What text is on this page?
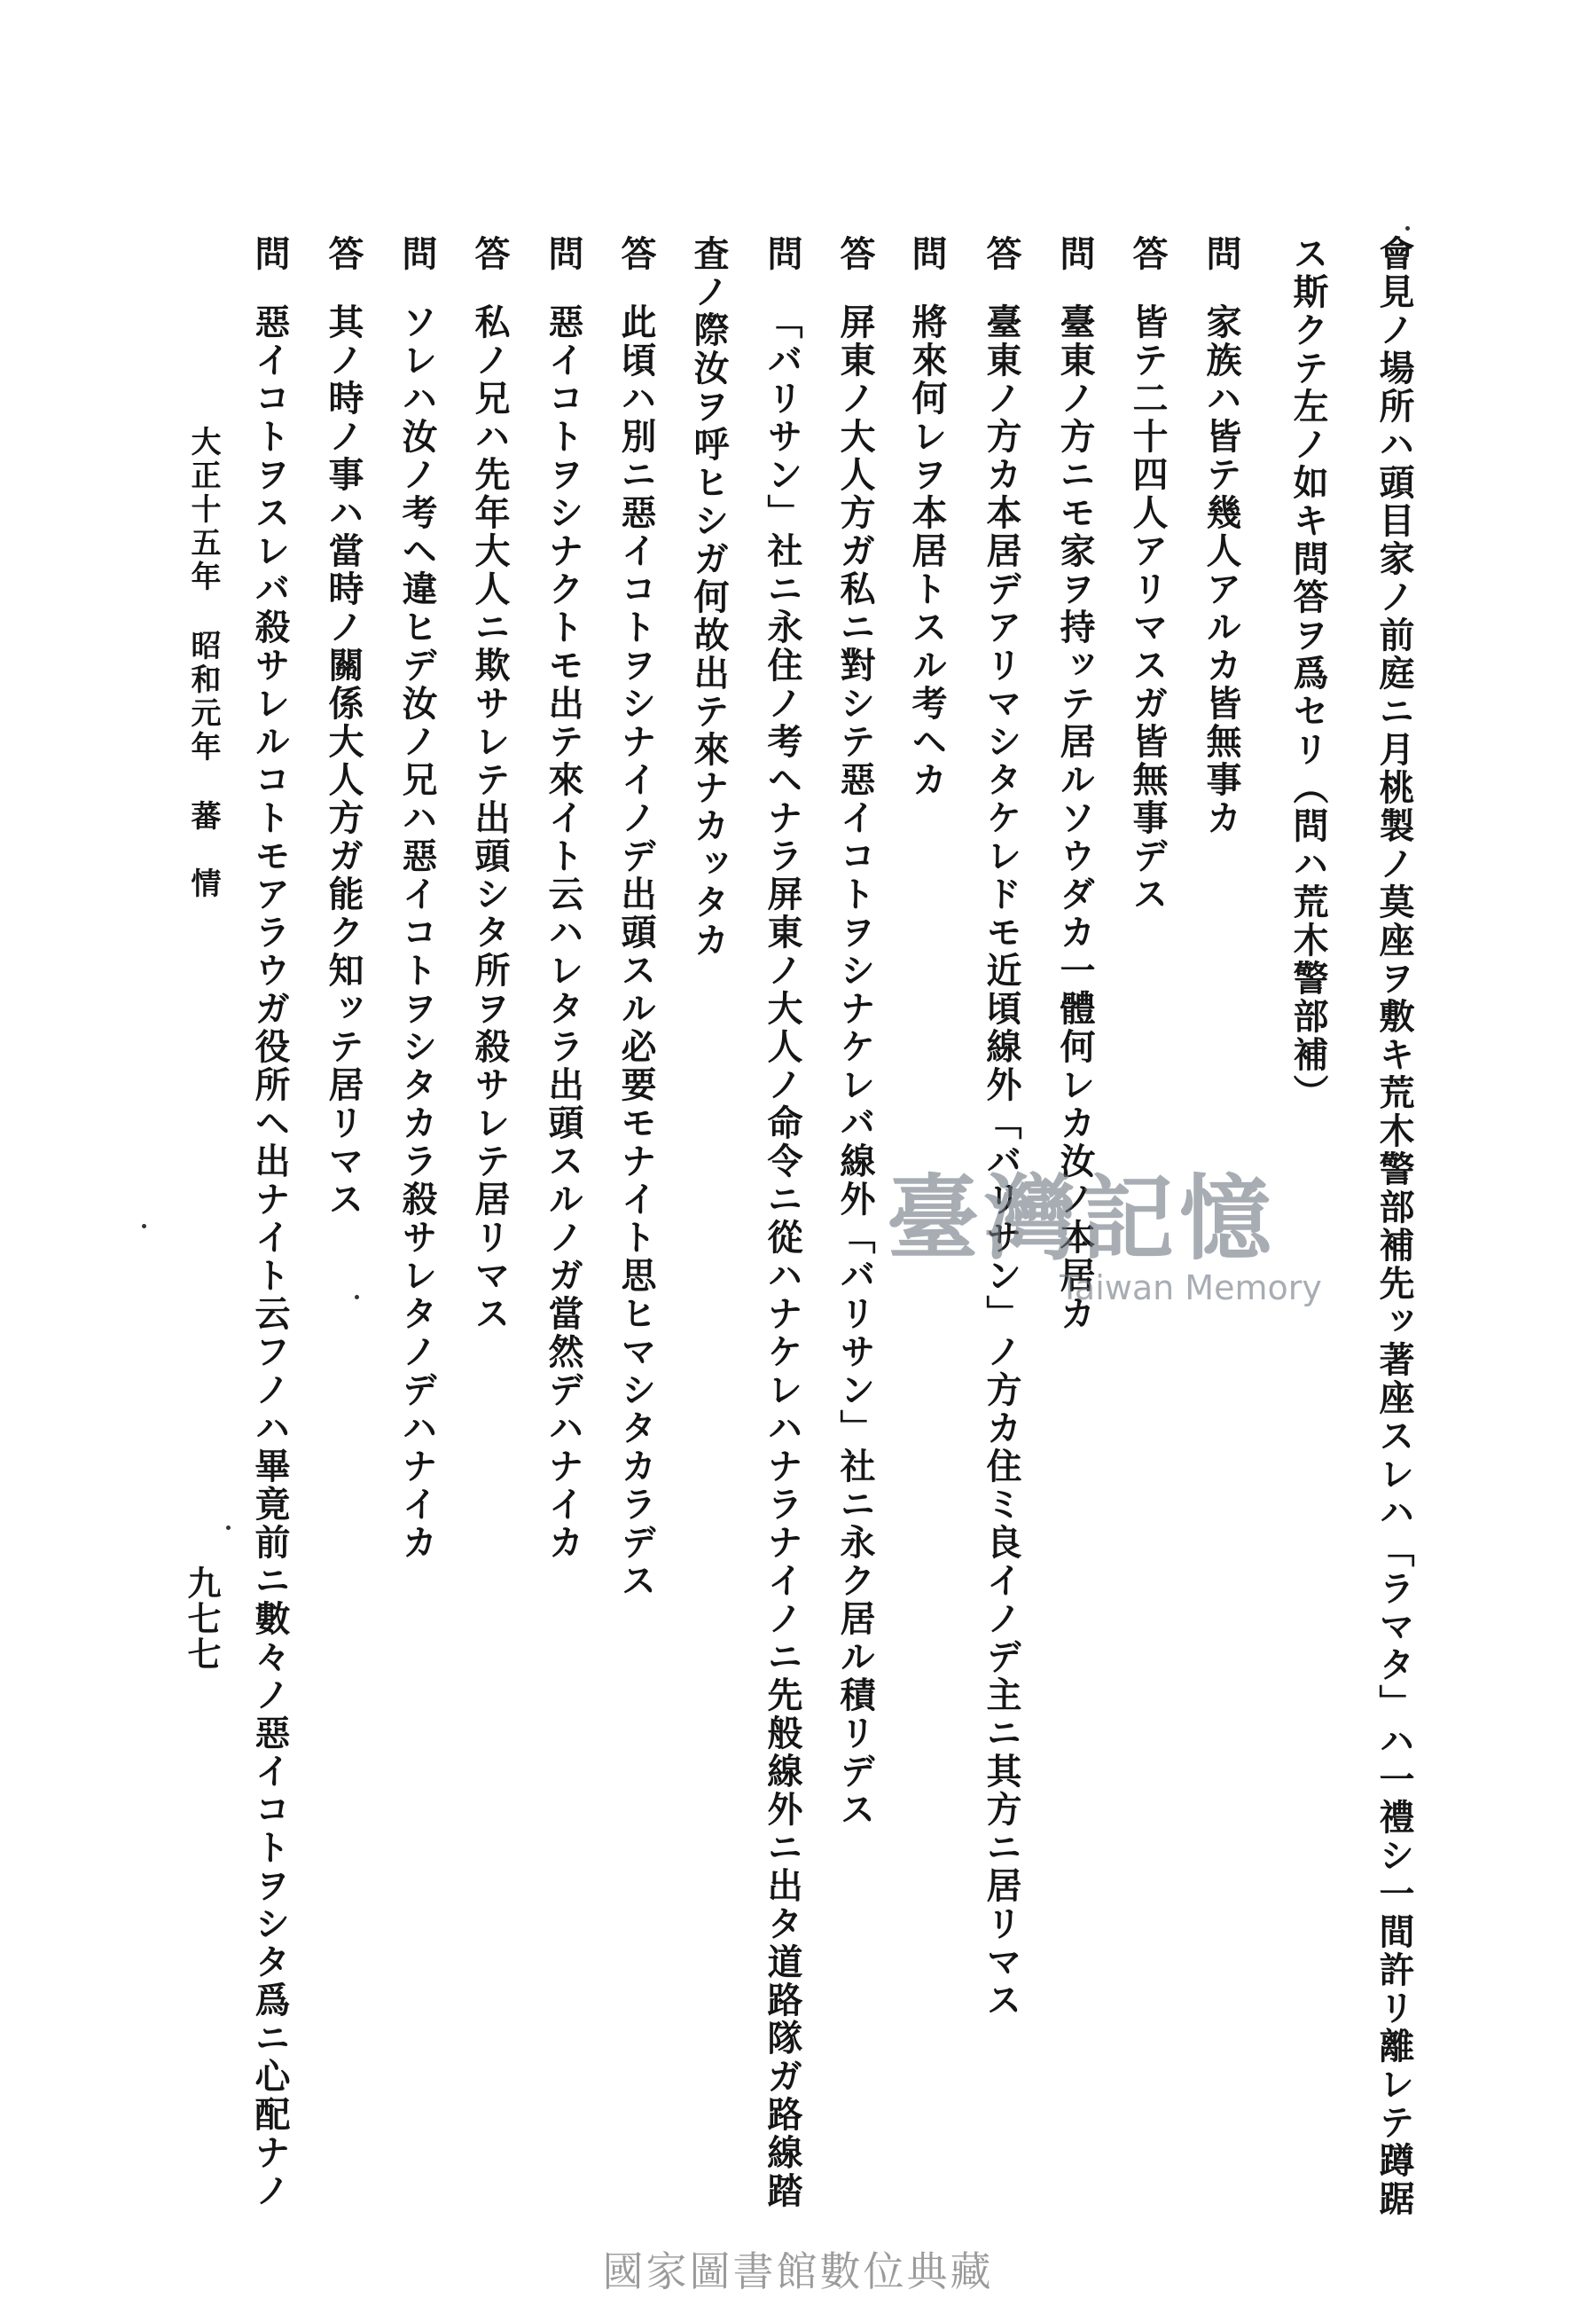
會見ノ場所ハ頭目家ノ前庭ニ月桃製ノ莫座ヲ敷キ荒木警部補先ッ著座スレハ「ラマタ」ハ一禮シ一間許リ離レテ蹲踞
ス斯クテ左ノ如キ問答ヲ爲セリ（問ハ荒木警部補）
問家族ハ皆テ幾人アルカ皆無事カ
答皆テ二十四人アリマスガ皆無事デス
問臺東ノ方ニモ家ヲ持ッテ居ルソウダカ一體何レカ汝ノ本居カ
答臺東ノ方カ本居デアリマシタケレドモ近頃線外「バリサン」ノ方カ住ミ良イノデ主ニ其方ニ居リマス
問將來何レヲ本居トスル考ヘカ
答屏東ノ大人方ガ私ニ對シテ惡イコトヲシナケレバ線外「バリサン」社ニ永ク居ル積リデス
問「バリサン」社ニ永住ノ考ヘナラ屏東ノ大人ノ命令ニ從ハナケレハナラナイノニ先般線外ニ出タ道路隊ガ路線踏
査ノ際汝ヲ呼ヒシガ何故出テ來ナカッタカ
答此頃ハ別ニ惡イコトヲシナイノデ出頭スル必要モナイト思ヒマシタカラデス
問惡イコトヲシナクトモ出テ來イト云ハレタラ出頭スルノガ當然デハナイカ
答私ノ兄ハ先年大人ニ欺サレテ出頭シタ所ヲ殺サレテ居リマス
問ソレハ汝ノ考ヘ違ヒデ汝ノ兄ハ惡イコトヲシタカラ殺サレタノデハナイカ
答其ノ時ノ事ハ當時ノ關係大人方ガ能ク知ッテ居リマス
問惡イコトヲスレバ殺サレルコトモアラウガ役所ヘ出ナイト云フノハ畢竟前ニ數々ノ惡イコトヲシタ爲ニ心配ナノ
大正十五年昭和元年蕃　情
九七七
臺灣記憶
Taiwan Memory
國家圖書館數位典藏
